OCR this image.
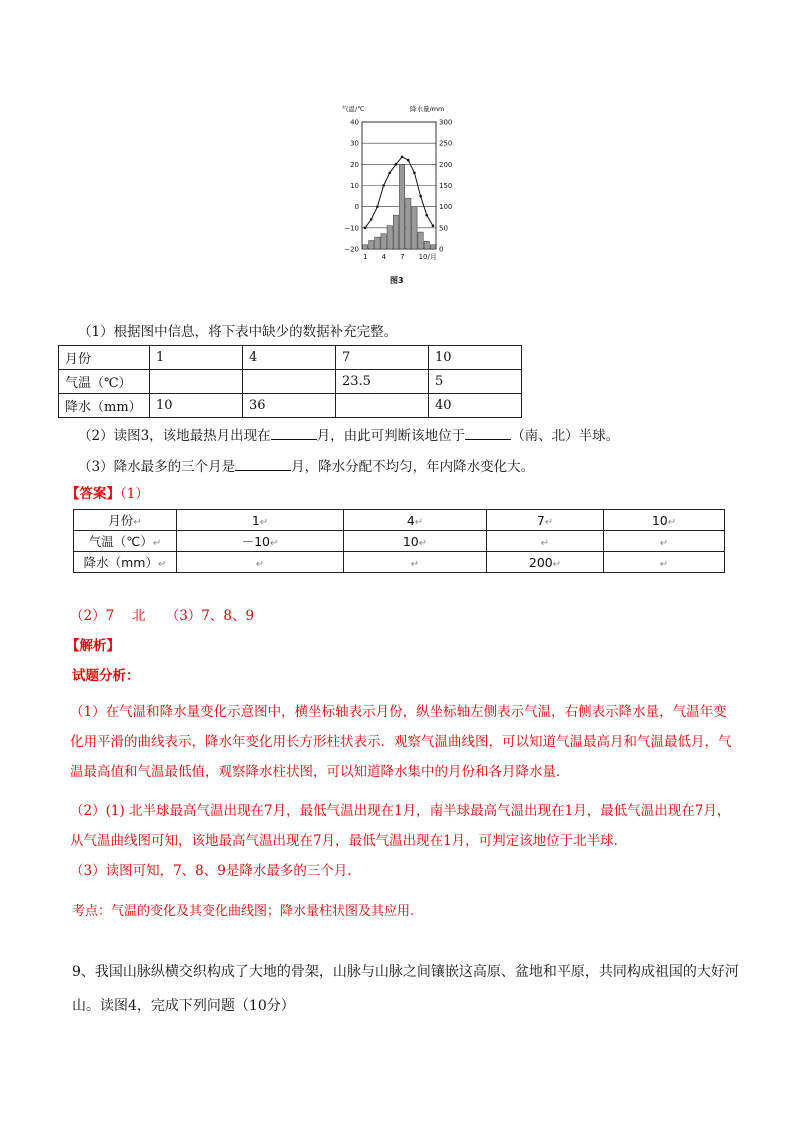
气温/℃	降水量/mm
图3
40
30
20
10
0
−10
−20
300
250
200
150
100
50
0
1 4 7 10/月
（1）根据图中信息，将下表中缺少的数据补充完整。
月份	1	4	7	10
气温（℃）			23.5	5
降水（mm）	10	36		40
（2）读图3，该地最热月出现在	月，由此可判断该地位于	（南、北）半球。
（3）降水最多的三个月是	月，降水分配不均匀，年内降水变化大。
【答案】（1）
月份↵	1↵	4↵	7↵	10↵
气温（℃）↵	－10↵	10↵	↵	↵
降水（mm）↵	↵	↵	200↵	↵
（2）7　 北　　（3）7、8、9
【解析】
试题分析：
（1）在气温和降水量变化示意图中，横坐标轴表示月份，纵坐标轴左侧表示气温，右侧表示降水量，气温年变化用平滑的曲线表示，降水年变化用长方形柱状表示．观察气温曲线图，可以知道气温最高月和气温最低月，气温最高值和气温最低值，观察降水柱状图，可以知道降水集中的月份和各月降水量．
（2）(1) 北半球最高气温出现在7月，最低气温出现在1月，南半球最高气温出现在1月，最低气温出现在7月，从气温曲线图可知，该地最高气温出现在7月，最低气温出现在1月，可判定该地位于北半球．
（3）读图可知，7、8、9是降水最多的三个月．
考点：气温的变化及其变化曲线图；降水量柱状图及其应用.
9、我国山脉纵横交织构成了大地的骨架，山脉与山脉之间镶嵌这高原、盆地和平原，共同构成祖国的大好河
山。读图4，完成下列问题（10分）
